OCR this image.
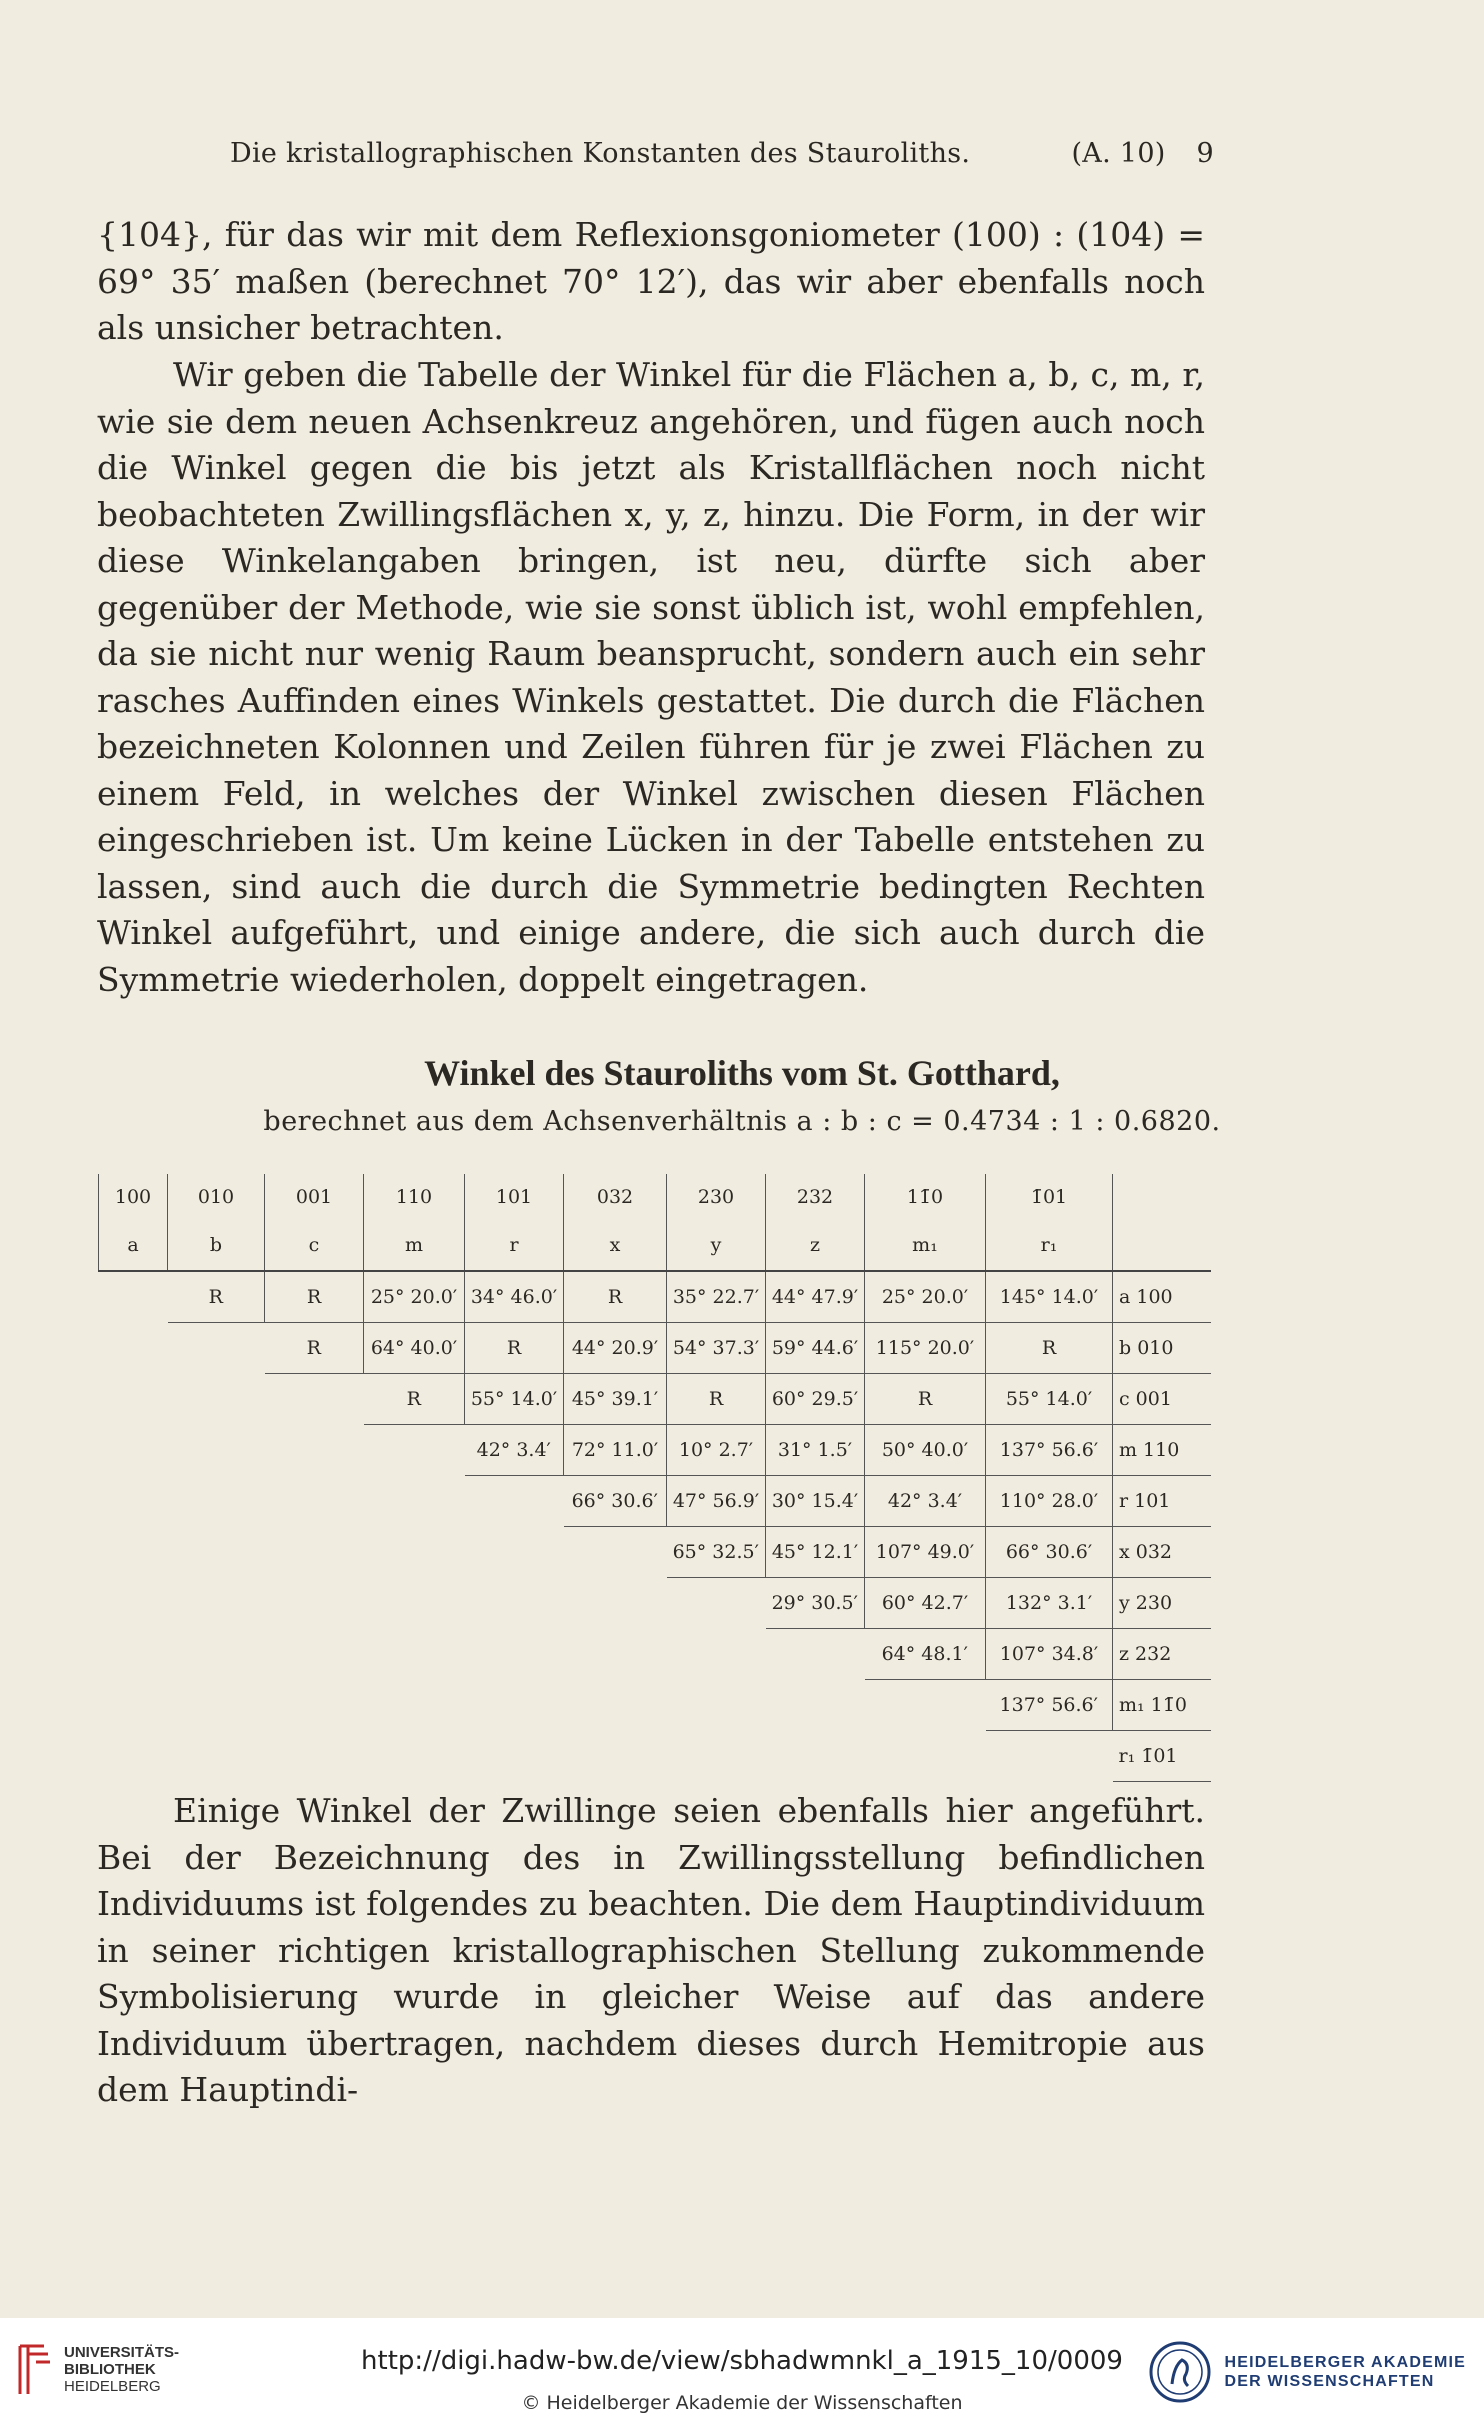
Die kristallographischen Konstanten des Stauroliths.	(A. 10) 9

{104}, für das wir mit dem Reflexionsgoniometer (100) : (104) = 69° 35′ maßen (berechnet 70° 12′), das wir aber ebenfalls noch als unsicher betrachten.

Wir geben die Tabelle der Winkel für die Flächen a, b, c, m, r, wie sie dem neuen Achsenkreuz angehören, und fügen auch noch die Winkel gegen die bis jetzt als Kristallflächen noch nicht beobachteten Zwillingsflächen x, y, z, hinzu. Die Form, in der wir diese Winkelangaben bringen, ist neu, dürfte sich aber gegenüber der Methode, wie sie sonst üblich ist, wohl empfehlen, da sie nicht nur wenig Raum beansprucht, sondern auch ein sehr rasches Auffinden eines Winkels gestattet. Die durch die Flächen bezeichneten Kolonnen und Zeilen führen für je zwei Flächen zu einem Feld, in welches der Winkel zwischen diesen Flächen eingeschrieben ist. Um keine Lücken in der Tabelle entstehen zu lassen, sind auch die durch die Symmetrie bedingten Rechten Winkel aufgeführt, und einige andere, die sich auch durch die Symmetrie wiederholen, doppelt eingetragen.

Winkel des Stauroliths vom St. Gotthard,
berechnet aus dem Achsenverhältnis a : b : c = 0.4734 : 1 : 0.6820.
100	010	001	110	101	032	230	232	11̄0	1̄01	
a	b	c	m	r	x	y	z	m₁	r₁	
	R	R	25° 20.0′	34° 46.0′	R	35° 22.7′	44° 47.9′	25° 20.0′	145° 14.0′	a 100
		R	64° 40.0′	R	44° 20.9′	54° 37.3′	59° 44.6′	115° 20.0′	R	b 010
			R	55° 14.0′	45° 39.1′	R	60° 29.5′	R	55° 14.0′	c 001
				42° 3.4′	72° 11.0′	10° 2.7′	31° 1.5′	50° 40.0′	137° 56.6′	m 110
					66° 30.6′	47° 56.9′	30° 15.4′	42° 3.4′	110° 28.0′	r 101
						65° 32.5′	45° 12.1′	107° 49.0′	66° 30.6′	x 032
							29° 30.5′	60° 42.7′	132° 3.1′	y 230
								64° 48.1′	107° 34.8′	z 232
									137° 56.6′	m₁ 11̄0
										r₁ 1̄01

Einige Winkel der Zwillinge seien ebenfalls hier angeführt. Bei der Bezeichnung des in Zwillingsstellung befindlichen Individuums ist folgendes zu beachten. Die dem Hauptindividuum in seiner richtigen kristallographischen Stellung zukommende Symbolisierung wurde in gleicher Weise auf das andere Individuum übertragen, nachdem dieses durch Hemitropie aus dem Hauptindi-

UNIVERSITÄTS-
BIBLIOTHEK
HEIDELBERG
http://digi.hadw-bw.de/view/sbhadwmnkl_a_1915_10/0009
© Heidelberger Akademie der Wissenschaften
HEIDELBERGER AKADEMIE
DER WISSENSCHAFTEN
